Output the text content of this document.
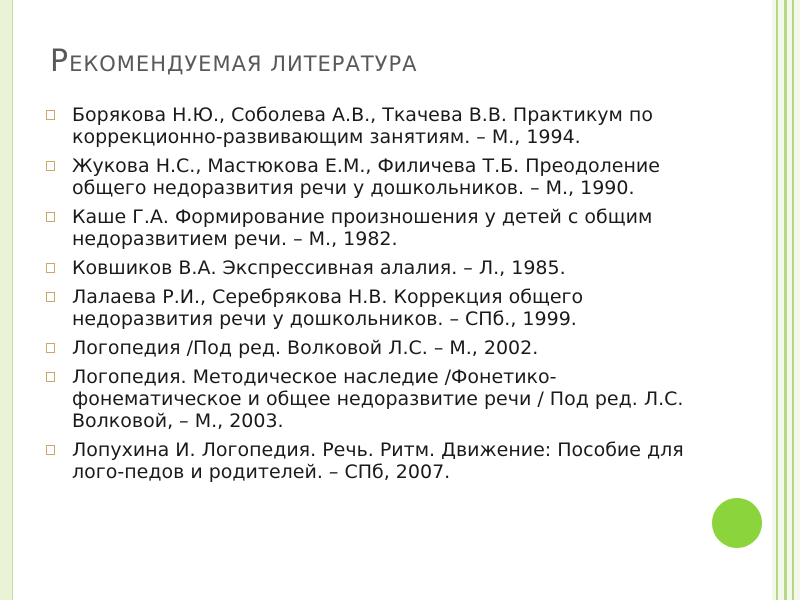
РЕКОМЕНДУЕМАЯ ЛИТЕРАТУРА
Борякова Н.Ю., Соболева А.В., Ткачева В.В. Практикум по коррекционно-развивающим занятиям. – М., 1994.
Жукова Н.С., Мастюкова Е.М., Филичева Т.Б. Преодоление общего недоразвития речи у дошкольников. – М., 1990.
Каше Г.А. Формирование произношения у детей с общим недоразвитием речи. – М., 1982.
Ковшиков В.А. Экспрессивная алалия. – Л., 1985.
Лалаева Р.И., Серебрякова Н.В. Коррекция общего недоразвития речи у дошкольников. – СПб., 1999.
Логопедия /Под ред. Волковой Л.С. – М., 2002.
Логопедия. Методическое наследие /Фонетико-фонематическое и общее недоразвитие речи / Под ред. Л.С. Волковой, – М., 2003.
Лопухина И. Логопедия. Речь. Ритм. Движение: Пособие для лого-педов и родителей. – СПб, 2007.
